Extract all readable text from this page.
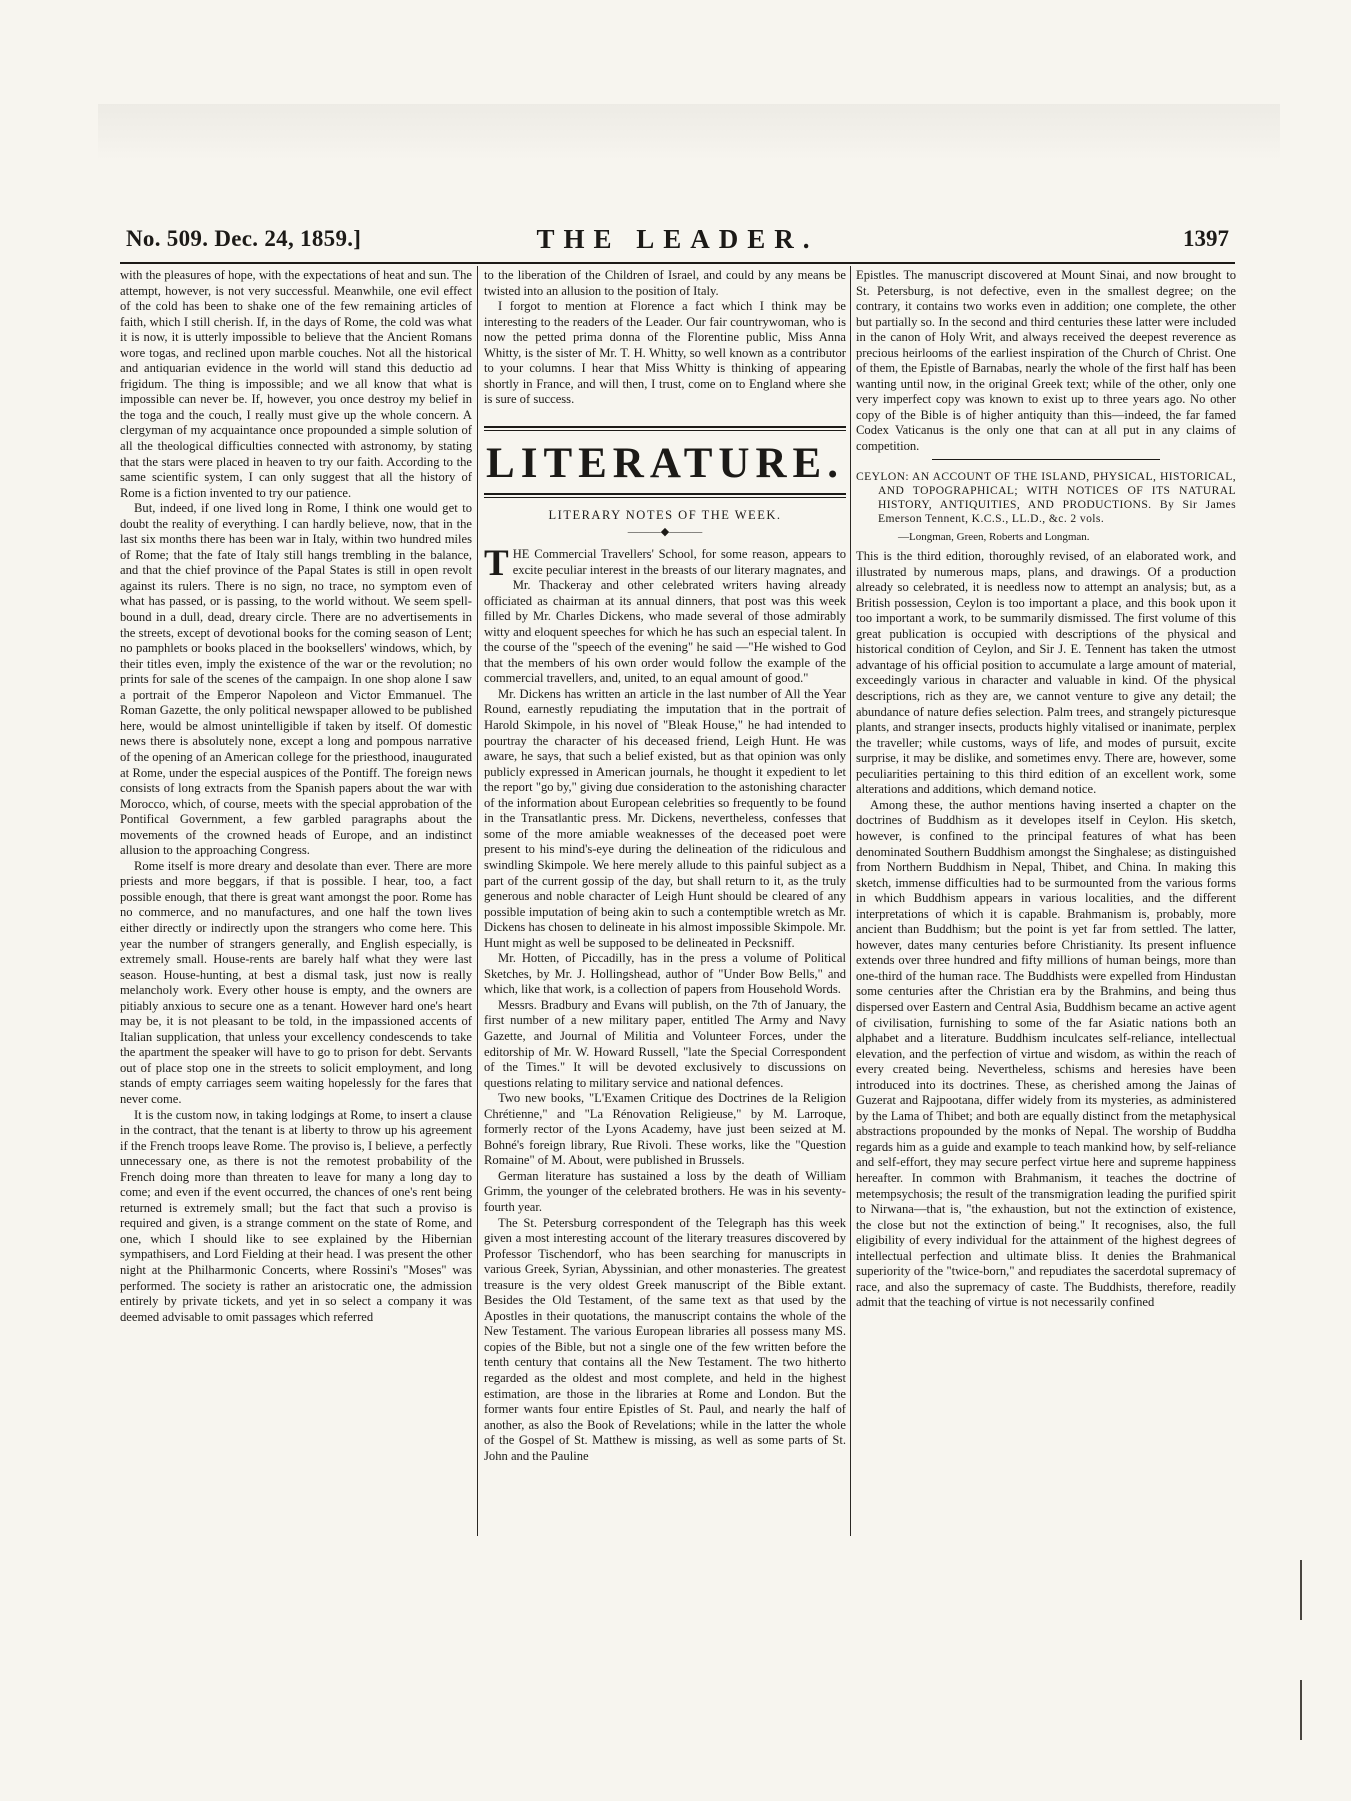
No. 509. Dec. 24, 1859.]	THE LEADER.	1397

with the pleasures of hope, with the expectations of heat and sun. The attempt, however, is not very successful. Meanwhile, one evil effect of the cold has been to shake one of the few remaining articles of faith, which I still cherish. If, in the days of Rome, the cold was what it is now, it is utterly impossible to believe that the Ancient Romans wore togas, and reclined upon marble couches. Not all the historical and antiquarian evidence in the world will stand this deductio ad frigidum. The thing is impossible; and we all know that what is impossible can never be. If, however, you once destroy my belief in the toga and the couch, I really must give up the whole concern. A clergyman of my acquaintance once propounded a simple solution of all the theological difficulties connected with astronomy, by stating that the stars were placed in heaven to try our faith. According to the same scientific system, I can only suggest that all the history of Rome is a fiction invented to try our patience.

But, indeed, if one lived long in Rome, I think one would get to doubt the reality of everything. I can hardly believe, now, that in the last six months there has been war in Italy, within two hundred miles of Rome; that the fate of Italy still hangs trembling in the balance, and that the chief province of the Papal States is still in open revolt against its rulers. There is no sign, no trace, no symptom even of what has passed, or is passing, to the world without. We seem spell-bound in a dull, dead, dreary circle. There are no advertisements in the streets, except of devotional books for the coming season of Lent; no pamphlets or books placed in the booksellers' windows, which, by their titles even, imply the existence of the war or the revolution; no prints for sale of the scenes of the campaign. In one shop alone I saw a portrait of the Emperor Napoleon and Victor Emmanuel. The Roman Gazette, the only political newspaper allowed to be published here, would be almost unintelligible if taken by itself. Of domestic news there is absolutely none, except a long and pompous narrative of the opening of an American college for the priesthood, inaugurated at Rome, under the especial auspices of the Pontiff. The foreign news consists of long extracts from the Spanish papers about the war with Morocco, which, of course, meets with the special approbation of the Pontifical Government, a few garbled paragraphs about the movements of the crowned heads of Europe, and an indistinct allusion to the approaching Congress.

Rome itself is more dreary and desolate than ever. There are more priests and more beggars, if that is possible. I hear, too, a fact possible enough, that there is great want amongst the poor. Rome has no commerce, and no manufactures, and one half the town lives either directly or indirectly upon the strangers who come here. This year the number of strangers generally, and English especially, is extremely small. House-rents are barely half what they were last season. House-hunting, at best a dismal task, just now is really melancholy work. Every other house is empty, and the owners are pitiably anxious to secure one as a tenant. However hard one's heart may be, it is not pleasant to be told, in the impassioned accents of Italian supplication, that unless your excellency condescends to take the apartment the speaker will have to go to prison for debt. Servants out of place stop one in the streets to solicit employment, and long stands of empty carriages seem waiting hopelessly for the fares that never come.

It is the custom now, in taking lodgings at Rome, to insert a clause in the contract, that the tenant is at liberty to throw up his agreement if the French troops leave Rome. The proviso is, I believe, a perfectly unnecessary one, as there is not the remotest probability of the French doing more than threaten to leave for many a long day to come; and even if the event occurred, the chances of one's rent being returned is extremely small; but the fact that such a proviso is required and given, is a strange comment on the state of Rome, and one, which I should like to see explained by the Hibernian sympathisers, and Lord Fielding at their head. I was present the other night at the Philharmonic Concerts, where Rossini's "Moses" was performed. The society is rather an aristocratic one, the admission entirely by private tickets, and yet in so select a company it was deemed advisable to omit passages which referred

to the liberation of the Children of Israel, and could by any means be twisted into an allusion to the position of Italy.

I forgot to mention at Florence a fact which I think may be interesting to the readers of the Leader. Our fair countrywoman, who is now the petted prima donna of the Florentine public, Miss Anna Whitty, is the sister of Mr. T. H. Whitty, so well known as a contributor to your columns. I hear that Miss Whitty is thinking of appearing shortly in France, and will then, I trust, come on to England where she is sure of success.

LITERATURE.
LITERARY NOTES OF THE WEEK.
———◆———

THE Commercial Travellers' School, for some reason, appears to excite peculiar interest in the breasts of our literary magnates, and Mr. Thackeray and other celebrated writers having already officiated as chairman at its annual dinners, that post was this week filled by Mr. Charles Dickens, who made several of those admirably witty and eloquent speeches for which he has such an especial talent. In the course of the "speech of the evening" he said —"He wished to God that the members of his own order would follow the example of the commercial travellers, and, united, to an equal amount of good."

Mr. Dickens has written an article in the last number of All the Year Round, earnestly repudiating the imputation that in the portrait of Harold Skimpole, in his novel of "Bleak House," he had intended to pourtray the character of his deceased friend, Leigh Hunt. He was aware, he says, that such a belief existed, but as that opinion was only publicly expressed in American journals, he thought it expedient to let the report "go by," giving due consideration to the astonishing character of the information about European celebrities so frequently to be found in the Transatlantic press. Mr. Dickens, nevertheless, confesses that some of the more amiable weaknesses of the deceased poet were present to his mind's-eye during the delineation of the ridiculous and swindling Skimpole. We here merely allude to this painful subject as a part of the current gossip of the day, but shall return to it, as the truly generous and noble character of Leigh Hunt should be cleared of any possible imputation of being akin to such a contemptible wretch as Mr. Dickens has chosen to delineate in his almost impossible Skimpole. Mr. Hunt might as well be supposed to be delineated in Pecksniff.

Mr. Hotten, of Piccadilly, has in the press a volume of Political Sketches, by Mr. J. Hollingshead, author of "Under Bow Bells," and which, like that work, is a collection of papers from Household Words.

Messrs. Bradbury and Evans will publish, on the 7th of January, the first number of a new military paper, entitled The Army and Navy Gazette, and Journal of Militia and Volunteer Forces, under the editorship of Mr. W. Howard Russell, "late the Special Correspondent of the Times." It will be devoted exclusively to discussions on questions relating to military service and national defences.

Two new books, "L'Examen Critique des Doctrines de la Religion Chrétienne," and "La Rénovation Religieuse," by M. Larroque, formerly rector of the Lyons Academy, have just been seized at M. Bohné's foreign library, Rue Rivoli. These works, like the "Question Romaine" of M. About, were published in Brussels.

German literature has sustained a loss by the death of William Grimm, the younger of the celebrated brothers. He was in his seventy-fourth year.

The St. Petersburg correspondent of the Telegraph has this week given a most interesting account of the literary treasures discovered by Professor Tischendorf, who has been searching for manuscripts in various Greek, Syrian, Abyssinian, and other monasteries. The greatest treasure is the very oldest Greek manuscript of the Bible extant. Besides the Old Testament, of the same text as that used by the Apostles in their quotations, the manuscript contains the whole of the New Testament. The various European libraries all possess many MS. copies of the Bible, but not a single one of the few written before the tenth century that contains all the New Testament. The two hitherto regarded as the oldest and most complete, and held in the highest estimation, are those in the libraries at Rome and London. But the former wants four entire Epistles of St. Paul, and nearly the half of another, as also the Book of Revelations; while in the latter the whole of the Gospel of St. Matthew is missing, as well as some parts of St. John and the Pauline

Epistles. The manuscript discovered at Mount Sinai, and now brought to St. Petersburg, is not defective, even in the smallest degree; on the contrary, it contains two works even in addition; one complete, the other but partially so. In the second and third centuries these latter were included in the canon of Holy Writ, and always received the deepest reverence as precious heirlooms of the earliest inspiration of the Church of Christ. One of them, the Epistle of Barnabas, nearly the whole of the first half has been wanting until now, in the original Greek text; while of the other, only one very imperfect copy was known to exist up to three years ago. No other copy of the Bible is of higher antiquity than this—indeed, the far famed Codex Vaticanus is the only one that can at all put in any claims of competition.

CEYLON: AN ACCOUNT OF THE ISLAND, PHYSICAL, HISTORICAL, AND TOPOGRAPHICAL; WITH NOTICES OF ITS NATURAL HISTORY, ANTIQUITIES, AND PRODUCTIONS. By Sir James Emerson Tennent, K.C.S., LL.D., &c. 2 vols.
—Longman, Green, Roberts and Longman.

This is the third edition, thoroughly revised, of an elaborated work, and illustrated by numerous maps, plans, and drawings. Of a production already so celebrated, it is needless now to attempt an analysis; but, as a British possession, Ceylon is too important a place, and this book upon it too important a work, to be summarily dismissed. The first volume of this great publication is occupied with descriptions of the physical and historical condition of Ceylon, and Sir J. E. Tennent has taken the utmost advantage of his official position to accumulate a large amount of material, exceedingly various in character and valuable in kind. Of the physical descriptions, rich as they are, we cannot venture to give any detail; the abundance of nature defies selection. Palm trees, and strangely picturesque plants, and stranger insects, products highly vitalised or inanimate, perplex the traveller; while customs, ways of life, and modes of pursuit, excite surprise, it may be dislike, and sometimes envy. There are, however, some peculiarities pertaining to this third edition of an excellent work, some alterations and additions, which demand notice.

Among these, the author mentions having inserted a chapter on the doctrines of Buddhism as it developes itself in Ceylon. His sketch, however, is confined to the principal features of what has been denominated Southern Buddhism amongst the Singhalese; as distinguished from Northern Buddhism in Nepal, Thibet, and China. In making this sketch, immense difficulties had to be surmounted from the various forms in which Buddhism appears in various localities, and the different interpretations of which it is capable. Brahmanism is, probably, more ancient than Buddhism; but the point is yet far from settled. The latter, however, dates many centuries before Christianity. Its present influence extends over three hundred and fifty millions of human beings, more than one-third of the human race. The Buddhists were expelled from Hindustan some centuries after the Christian era by the Brahmins, and being thus dispersed over Eastern and Central Asia, Buddhism became an active agent of civilisation, furnishing to some of the far Asiatic nations both an alphabet and a literature. Buddhism inculcates self-reliance, intellectual elevation, and the perfection of virtue and wisdom, as within the reach of every created being. Nevertheless, schisms and heresies have been introduced into its doctrines. These, as cherished among the Jainas of Guzerat and Rajpootana, differ widely from its mysteries, as administered by the Lama of Thibet; and both are equally distinct from the metaphysical abstractions propounded by the monks of Nepal. The worship of Buddha regards him as a guide and example to teach mankind how, by self-reliance and self-effort, they may secure perfect virtue here and supreme happiness hereafter. In common with Brahmanism, it teaches the doctrine of metempsychosis; the result of the transmigration leading the purified spirit to Nirwana—that is, "the exhaustion, but not the extinction of existence, the close but not the extinction of being." It recognises, also, the full eligibility of every individual for the attainment of the highest degrees of intellectual perfection and ultimate bliss. It denies the Brahmanical superiority of the "twice-born," and repudiates the sacerdotal supremacy of race, and also the supremacy of caste. The Buddhists, therefore, readily admit that the teaching of virtue is not necessarily confined
